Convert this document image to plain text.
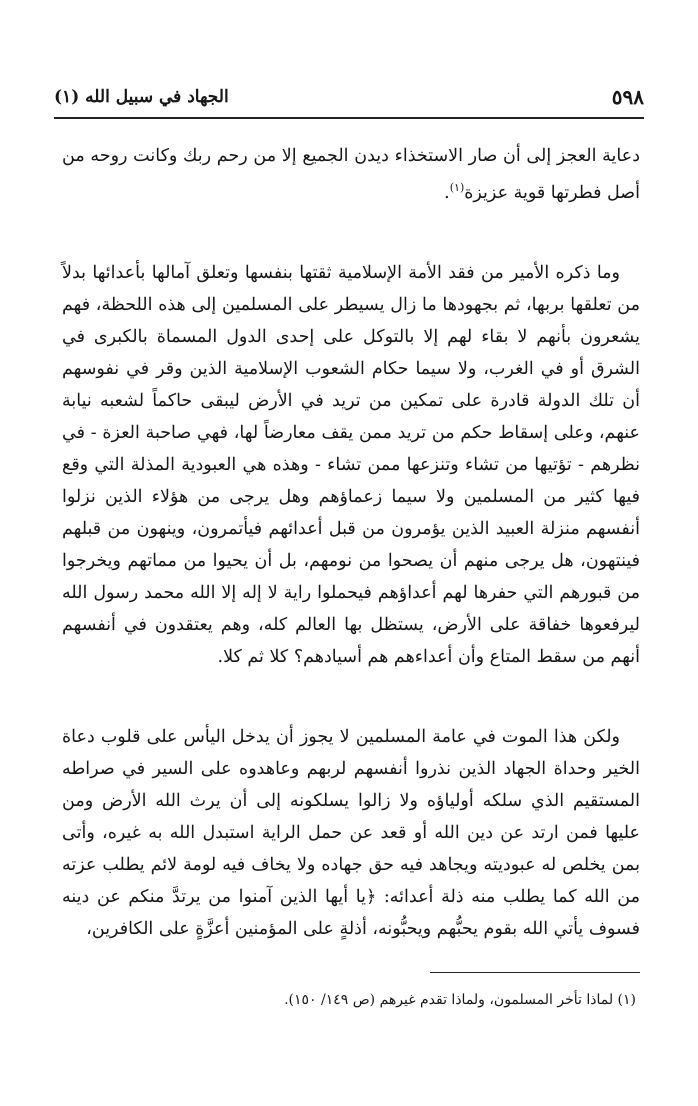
٥٩٨
الجهاد في سبيل الله (١)

دعاية العجز إلى أن صار الاستخذاء ديدن الجميع إلا من رحم ربك وكانت روحه من أصل فطرتها قوية عزيزة$^{(١)}$.

وما ذكره الأمير من فقد الأمة الإسلامية ثقتها بنفسها وتعلق آمالها بأعدائها بدلاً من تعلقها بربها، ثم بجهودها ما زال يسيطر على المسلمين إلى هذه اللحظة، فهم يشعرون بأنهم لا بقاء لهم إلا بالتوكل على إحدى الدول المسماة بالكبرى في الشرق أو في الغرب، ولا سيما حكام الشعوب الإسلامية الذين وقر في نفوسهم أن تلك الدولة قادرة على تمكين من تريد في الأرض ليبقى حاكماً لشعبه نيابة عنهم، وعلى إسقاط حكم من تريد ممن يقف معارضاً لها، فهي صاحبة العزة - في نظرهم - تؤتيها من تشاء وتنزعها ممن تشاء - وهذه هي العبودية المذلة التي وقع فيها كثير من المسلمين ولا سيما زعماؤهم وهل يرجى من هؤلاء الذين نزلوا أنفسهم منزلة العبيد الذين يؤمرون من قبل أعدائهم فيأتمرون، وينهون من قبلهم فينتهون، هل يرجى منهم أن يصحوا من نومهم، بل أن يحيوا من مماتهم ويخرجوا من قبورهم التي حفرها لهم أعداؤهم فيحملوا راية لا إله إلا الله محمد رسول الله ليرفعوها خفاقة على الأرض، يستظل بها العالم كله، وهم يعتقدون في أنفسهم أنهم من سقط المتاع وأن أعداءهم هم أسيادهم؟ كلا ثم كلا.

ولكن هذا الموت في عامة المسلمين لا يجوز أن يدخل اليأس على قلوب دعاة الخير وحداة الجهاد الذين نذروا أنفسهم لربهم وعاهدوه على السير في صراطه المستقيم الذي سلكه أولياؤه ولا زالوا يسلكونه إلى أن يرث الله الأرض ومن عليها فمن ارتد عن دين الله أو قعد عن حمل الراية استبدل الله به غيره، وأتى بمن يخلص له عبوديته ويجاهد فيه حق جهاده ولا يخاف فيه لومة لائم يطلب عزته من الله كما يطلب منه ذلة أعدائه: ﴿يا أيها الذين آمنوا من يرتدَّ منكم عن دينه فسوف يأتي الله بقوم يحبُّهم ويحبُّونه، أذلةٍ على المؤمنين أعزَّةٍ على الكافرين،

(١) لماذا تأخر المسلمون، ولماذا تقدم غيرهم (ص ١٤٩/ ١٥٠).
